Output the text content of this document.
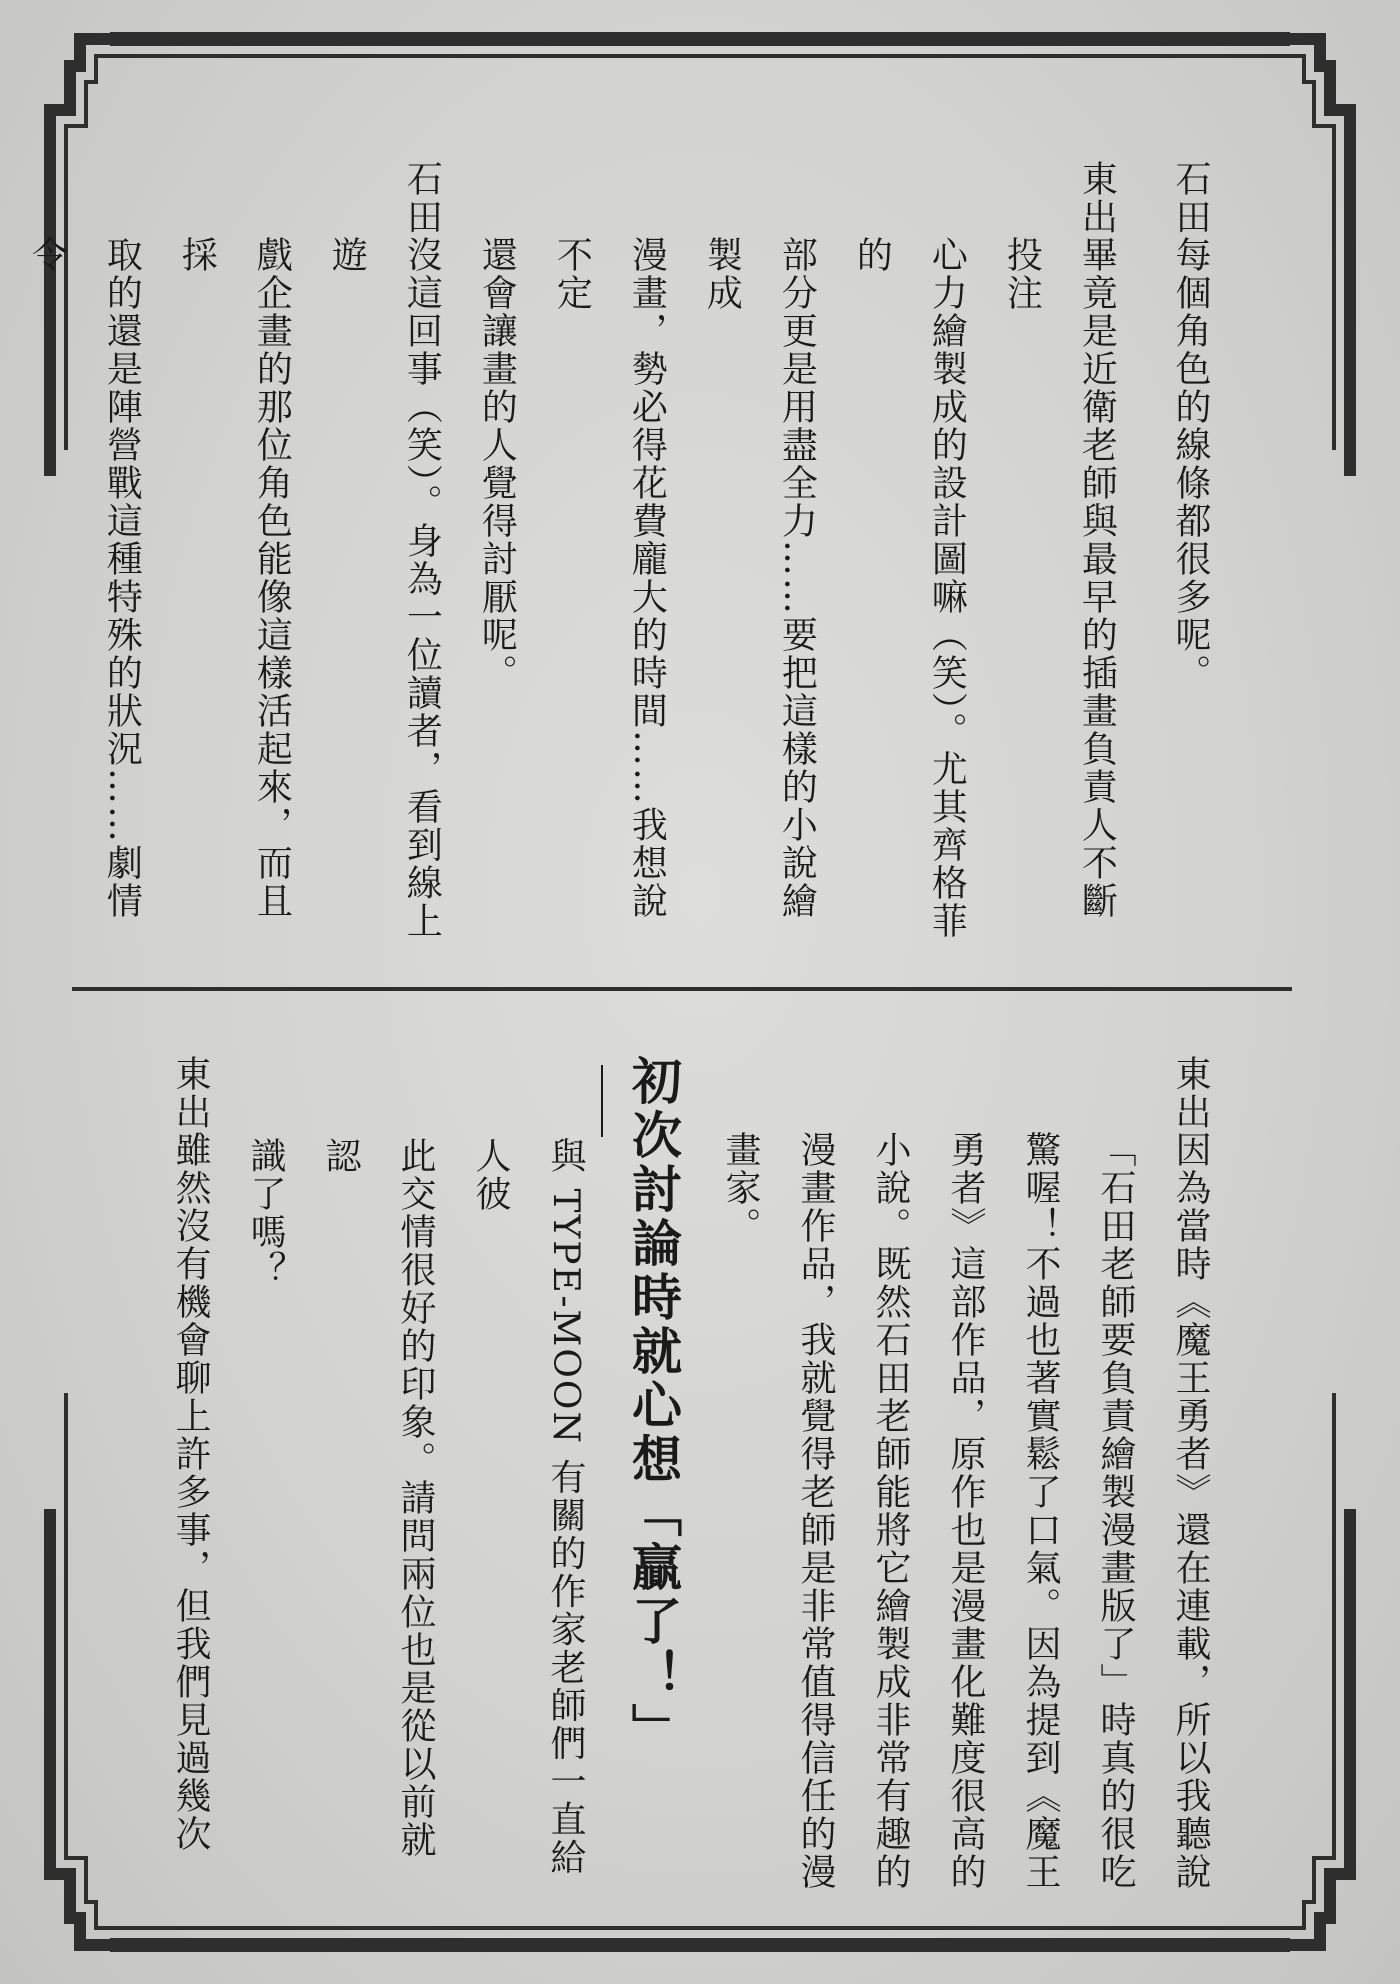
石田
每個角色的線條都很多呢。
東出
畢竟是近衛老師與最早的插畫負責人不斷投注
心力繪製成的設計圖嘛（笑）。尤其齊格菲的
部分更是用盡全力……要把這樣的小說繪製成
漫畫，勢必得花費龐大的時間……我想說不定
還會讓畫的人覺得討厭呢。
石田
沒這回事（笑）。身為一位讀者，看到線上遊
戲企畫的那位角色能像這樣活起來，而且採
取的還是陣營戰這種特殊的狀況……劇情令
東出
因為當時《魔王勇者》還在連載，所以我聽說
「石田老師要負責繪製漫畫版了」時真的很吃
驚喔！不過也著實鬆了口氣。因為提到《魔王
勇者》這部作品，原作也是漫畫化難度很高的
小說。既然石田老師能將它繪製成非常有趣的
漫畫作品，我就覺得老師是非常值得信任的漫
畫家。
初次討論時就心想「贏了！」
與 TYPE-MOON 有關的作家老師們一直給人彼
此交情很好的印象。請問兩位也是從以前就認
識了嗎？
東出
雖然沒有機會聊上許多事，但我們見過幾次
